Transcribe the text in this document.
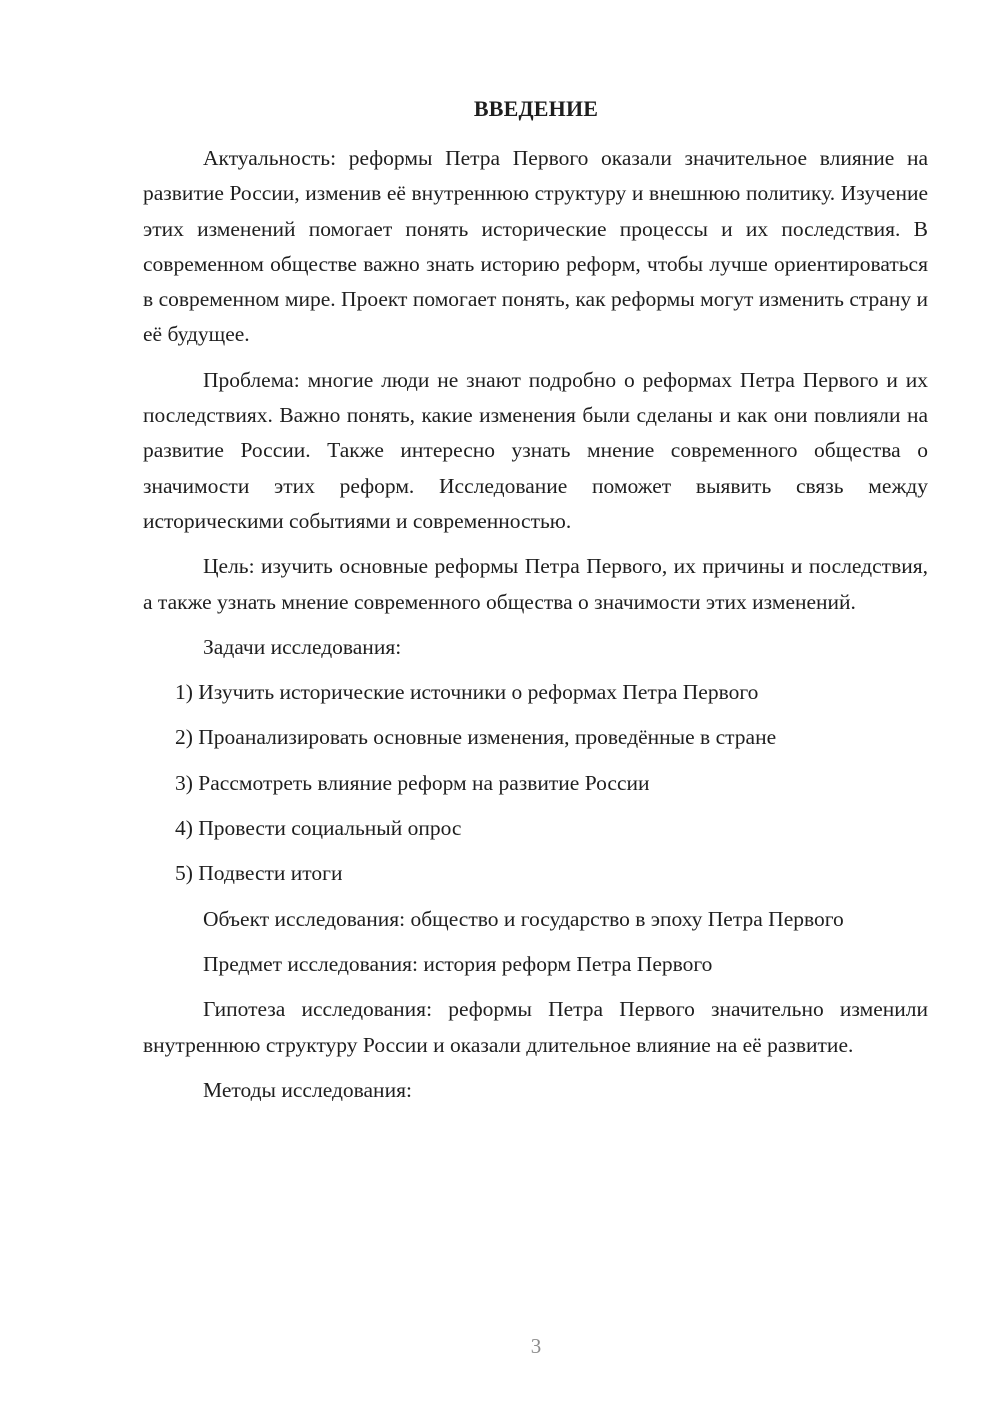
ВВЕДЕНИЕ

Актуальность: реформы Петра Первого оказали значительное влияние на развитие России, изменив её внутреннюю структуру и внешнюю политику. Изучение этих изменений помогает понять исторические процессы и их последствия. В современном обществе важно знать историю реформ, чтобы лучше ориентироваться в современном мире. Проект помогает понять, как реформы могут изменить страну и её будущее.

Проблема: многие люди не знают подробно о реформах Петра Первого и их последствиях. Важно понять, какие изменения были сделаны и как они повлияли на развитие России. Также интересно узнать мнение современного общества о значимости этих реформ. Исследование поможет выявить связь между историческими событиями и современностью.

Цель: изучить основные реформы Петра Первого, их причины и последствия, а также узнать мнение современного общества о значимости этих изменений.

Задачи исследования:

1) Изучить исторические источники о реформах Петра Первого

2) Проанализировать основные изменения, проведённые в стране

3) Рассмотреть влияние реформ на развитие России

4) Провести социальный опрос

5) Подвести итоги

Объект исследования: общество и государство в эпоху Петра Первого

Предмет исследования: история реформ Петра Первого

Гипотеза исследования: реформы Петра Первого значительно изменили внутреннюю структуру России и оказали длительное влияние на её развитие.

Методы исследования:

3
